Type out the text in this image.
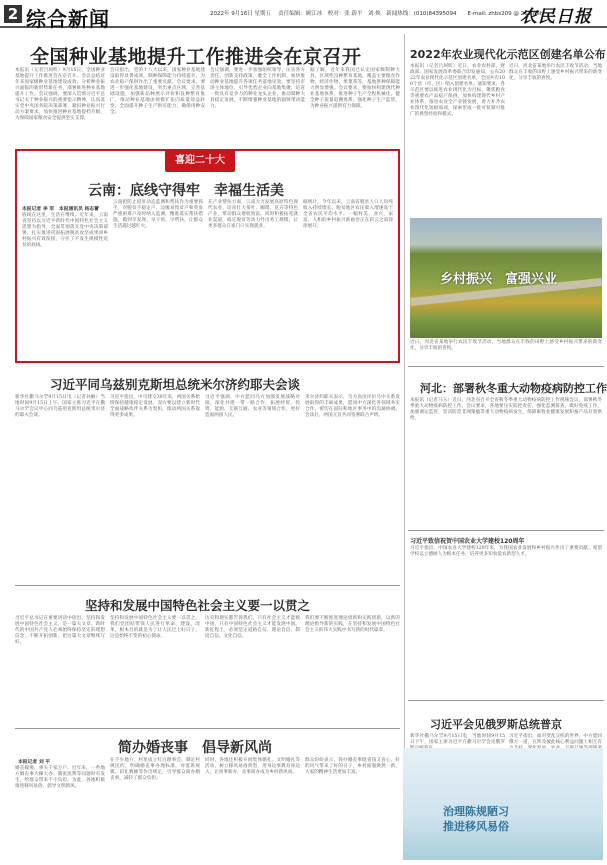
2 综合新闻	2022年 9月16日 星期五 　责任编辑：顾江冰　校对：张 蔚平　刘 焕　新闻热线：(010)84395094　　E-mail: zhbs209 @ 263.net
农民日报
全国种业基地提升工作推进会在京召开
本报讯（记者吕珂昕）9月15日，全国种业基地提升工作推进会在京召开。会议总结近年来国家级种业基地建设成效，分析种业振兴面临的新形势新任务，部署推进种业基地提升工作。会议强调，要深入贯彻习近平总书记关于种业振兴的重要指示精神，认真落实党中央国务院决策部署，紧扣种业振兴行动方案要求，加快推进种业基地提档升级，为保障国家粮食安全提供坚实支撑。
会议指出，党的十八大以来，国家种业基地建设取得显著成效，制种保障能力持续提升，为农业稳产保供作出了重要贡献。会议要求，要进一步强化基地建设，突出重点区域，完善基础设施，加强新品种展示评价和良种繁育推广，推动种业基地由规模扩张向质量效益转变，全面提升种子生产供应能力，确保用种安全。
会议强调，要进一步加强组织领导，压实各方责任，创新支持政策，健全工作机制，加快推动种业基地提升各项任务落地见效。要坚持市场主体地位，引导优势企业向基地集聚，培育一批具有竞争力的种业龙头企业，推动制种大县稳定发展，不断增强种业基地的辐射带动能力。
据了解，近年来我国已认定国家级制种大县、区域性良种繁育基地，覆盖主要粮食作物、经济作物、果菜茶等，基地供种保障能力明显增强。会议要求，要加快构建现代种业基地体系，推进种子生产全程机械化，健全种子质量追溯体系，强化种子生产监管，为种业振兴提供有力保障。
喜迎二十大
云南：底线守得牢　幸福生活美
本报记者 李 军　本报通讯员 杨志蕾
底线在这里，生活在继续。近年来，云南省坚持以习近平新时代中国特色社会主义思想为指导，全面贯彻落实党中央决策部署，扎实推进巩固拓展脱贫攻坚成果同乡村振兴有效衔接，守住了不发生规模性返贫的底线。
云南把防止返贫动态监测和帮扶作为重要抓手，对脱贫不稳定户、边缘易致贫户和突发严重困难户及时纳入监测，精准落实帮扶措施，做到早发现、早干预、早帮扶，让群众生活越过越红火。
在产业帮扶方面，云南大力发展高原特色现代农业，培育壮大茶叶、咖啡、花卉等特色产业，带动群众增收致富。同时积极拓宽就业渠道，稳定脱贫劳动力外出务工规模，让更多群众在家门口实现就业。
据统计，今年以来，云南省脱贫人口人均纯收入持续增长，脱贫地区农民收入增速高于全省农民平均水平。一幅村美、业兴、家富、人和的乡村振兴新画卷正在彩云之南徐徐展开。
习近平同乌兹别克斯坦总统米尔济约耶夫会谈
新华社撒马尔罕9月15日电（记者孙楠）当地时间9月15日上午，国家主席习近平在撒马尔罕会议中心同乌兹别克斯坦总统米尔济约耶夫会谈。
习近平指出，中乌建交30年来，两国关系始终保持健康稳定发展。双方要以建立新时代全面战略伙伴关系为契机，推动两国关系取得更多成果。
习近平强调，中方愿同乌方加强发展战略对接，深化共建一带一路合作，拓展经贸、投资、能源、互联互通、农业等领域合作，更好造福两国人民。
米尔济约耶夫表示，乌方高度评价乌中关系发展取得的丰硕成果，愿同中方深化各领域务实合作，密切在国际和地区事务中的沟通协调。会谈后，两国元首共同签署联合声明。
坚持和发展中国特色社会主义要一以贯之
习近平总书记在重要讲话中指出，坚持和发展中国特色社会主义，是一篇大文章。新时代的中国共产党人必须始终保持坚定的理想信念，不断开拓创新，把这篇大文章继续写好。
坚持和发展中国特色社会主义要一以贯之。我们党团结带领人民进行革命、建设、改革，根本目的就是为了让人民过上好日子，这是始终不变的初心使命。
历史和现实都告诉我们，只有社会主义才能救中国，只有中国特色社会主义才能发展中国。新征程上，必须坚定道路自信、理论自信、制度自信、文化自信。
我们要不断推进理论创新和实践创新，以新的理论指导新的实践，在坚持和发展中国特色社会主义的伟大实践中书写新的时代篇章。
简办婚丧事　倡导新风尚
本报记者 刘 平
婚丧嫁娶，事关千家万户。近年来，一些地方婚丧事大操大办、铺张浪费等问题时有发生，给群众带来不小负担。为此，各地积极推进移风易俗，倡导文明新风。
在不少地方，村里成立红白理事会，制定村规民约，明确婚丧事办理标准，对宴席规模、彩礼数额等作出规定，引导群众简办婚丧事，减轻了群众负担。
同时，各地还积极开展集体婚礼、文明婚礼等活动，树立移风易俗典型，用身边事教育身边人，让喜事新办、丧事简办成为乡村新风尚。
群众纷纷表示，简办婚丧事既省钱又省心，好的风气带来了好的日子，乡村面貌焕然一新，大家的精神生活更加丰富。
2022年农业现代化示范区创建名单公布
本报讯（记者吕珂昕）近日，农业农村部、财政部、国家发展改革委联合印发通知，公布2022年农业现代化示范区创建名单，全国共有100个县（市、区）纳入创建名单。通知要求，各示范区要以推进农业现代化为目标，聚焦粮食等重要农产品稳产保供，加快构建现代乡村产业体系，推进农业全产业链发展，着力补齐农业现代化短板弱项，探索形成一批可复制可推广的典型经验和模式。
近日，河北省某地举行农民丰收节活动，当地群众在丰收的田野上感受乡村振兴带来的新变化，分享丰收的喜悦。
乡村振兴　富强兴业
近日，河北省某地举行农民丰收节活动，当地群众在丰收的田野上感受乡村振兴带来的新变化，分享丰收的喜悦。
河北：部署秋冬重大动物疫病防控工作
本报讯（记者马玉）近日，河北省召开全省秋冬季重大动物疫病防控工作视频会议，部署秋冬季重大动物疫病防控工作。会议要求，各地要压实防控责任，强化监测排查，做好免疫工作，加强调运监管，坚决防范非洲猪瘟等重大动物疫病发生，保障畜牧业健康发展和畜产品有效供给。
习近平致信祝贺中国农业大学建校120周年
习近平指出，中国农业大学建校120年来，为我国农业发展和乡村振兴作出了重要贡献。希望学校以立德树人为根本任务，培养更多知农爱农新型人才。
习近平会见俄罗斯总统普京
新华社撒马尔罕9月15日电　当地时间9月15日下午，国家主席习近平在撒马尔罕会见俄罗
习近平指出，面对变乱交织的世界，中方愿同俄方一道，在涉及彼此核心利益问题上相互有
治理陈规陋习
推进移风易俗
